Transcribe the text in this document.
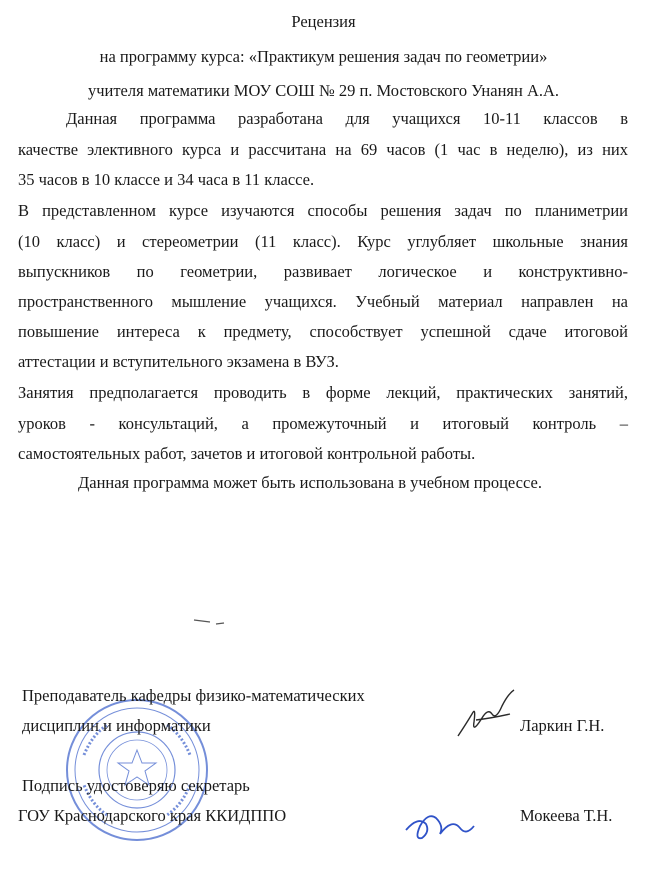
Рецензия
на программу курса: «Практикум решения задач по геометрии»
учителя математики МОУ СОШ № 29 п. Мостовского Унанян А.А.
Данная программа разработана для учащихся 10-11 классов в
качестве элективного курса и рассчитана на 69 часов (1 час в неделю), из них
35 часов в 10 классе и 34 часа в 11 классе.
В представленном курсе изучаются способы решения задач по планиметрии
(10 класс) и стереометрии (11 класс). Курс углубляет школьные знания
выпускников по геометрии, развивает логическое и конструктивно-
пространственного мышление учащихся. Учебный материал направлен на
повышение интереса к предмету, способствует успешной сдаче итоговой
аттестации и вступительного экзамена в ВУЗ.
Занятия предполагается проводить в форме лекций, практических занятий,
уроков - консультаций, а промежуточный и итоговый контроль –
самостоятельных работ, зачетов и итоговой контрольной работы.
Данная программа может быть использована в учебном процессе.
Преподаватель кафедры физико-математических
дисциплин и информатики	Ларкин Г.Н.
Подпись удостоверяю секретарь
ГОУ Краснодарского края ККИДППО	Мокеева Т.Н.
